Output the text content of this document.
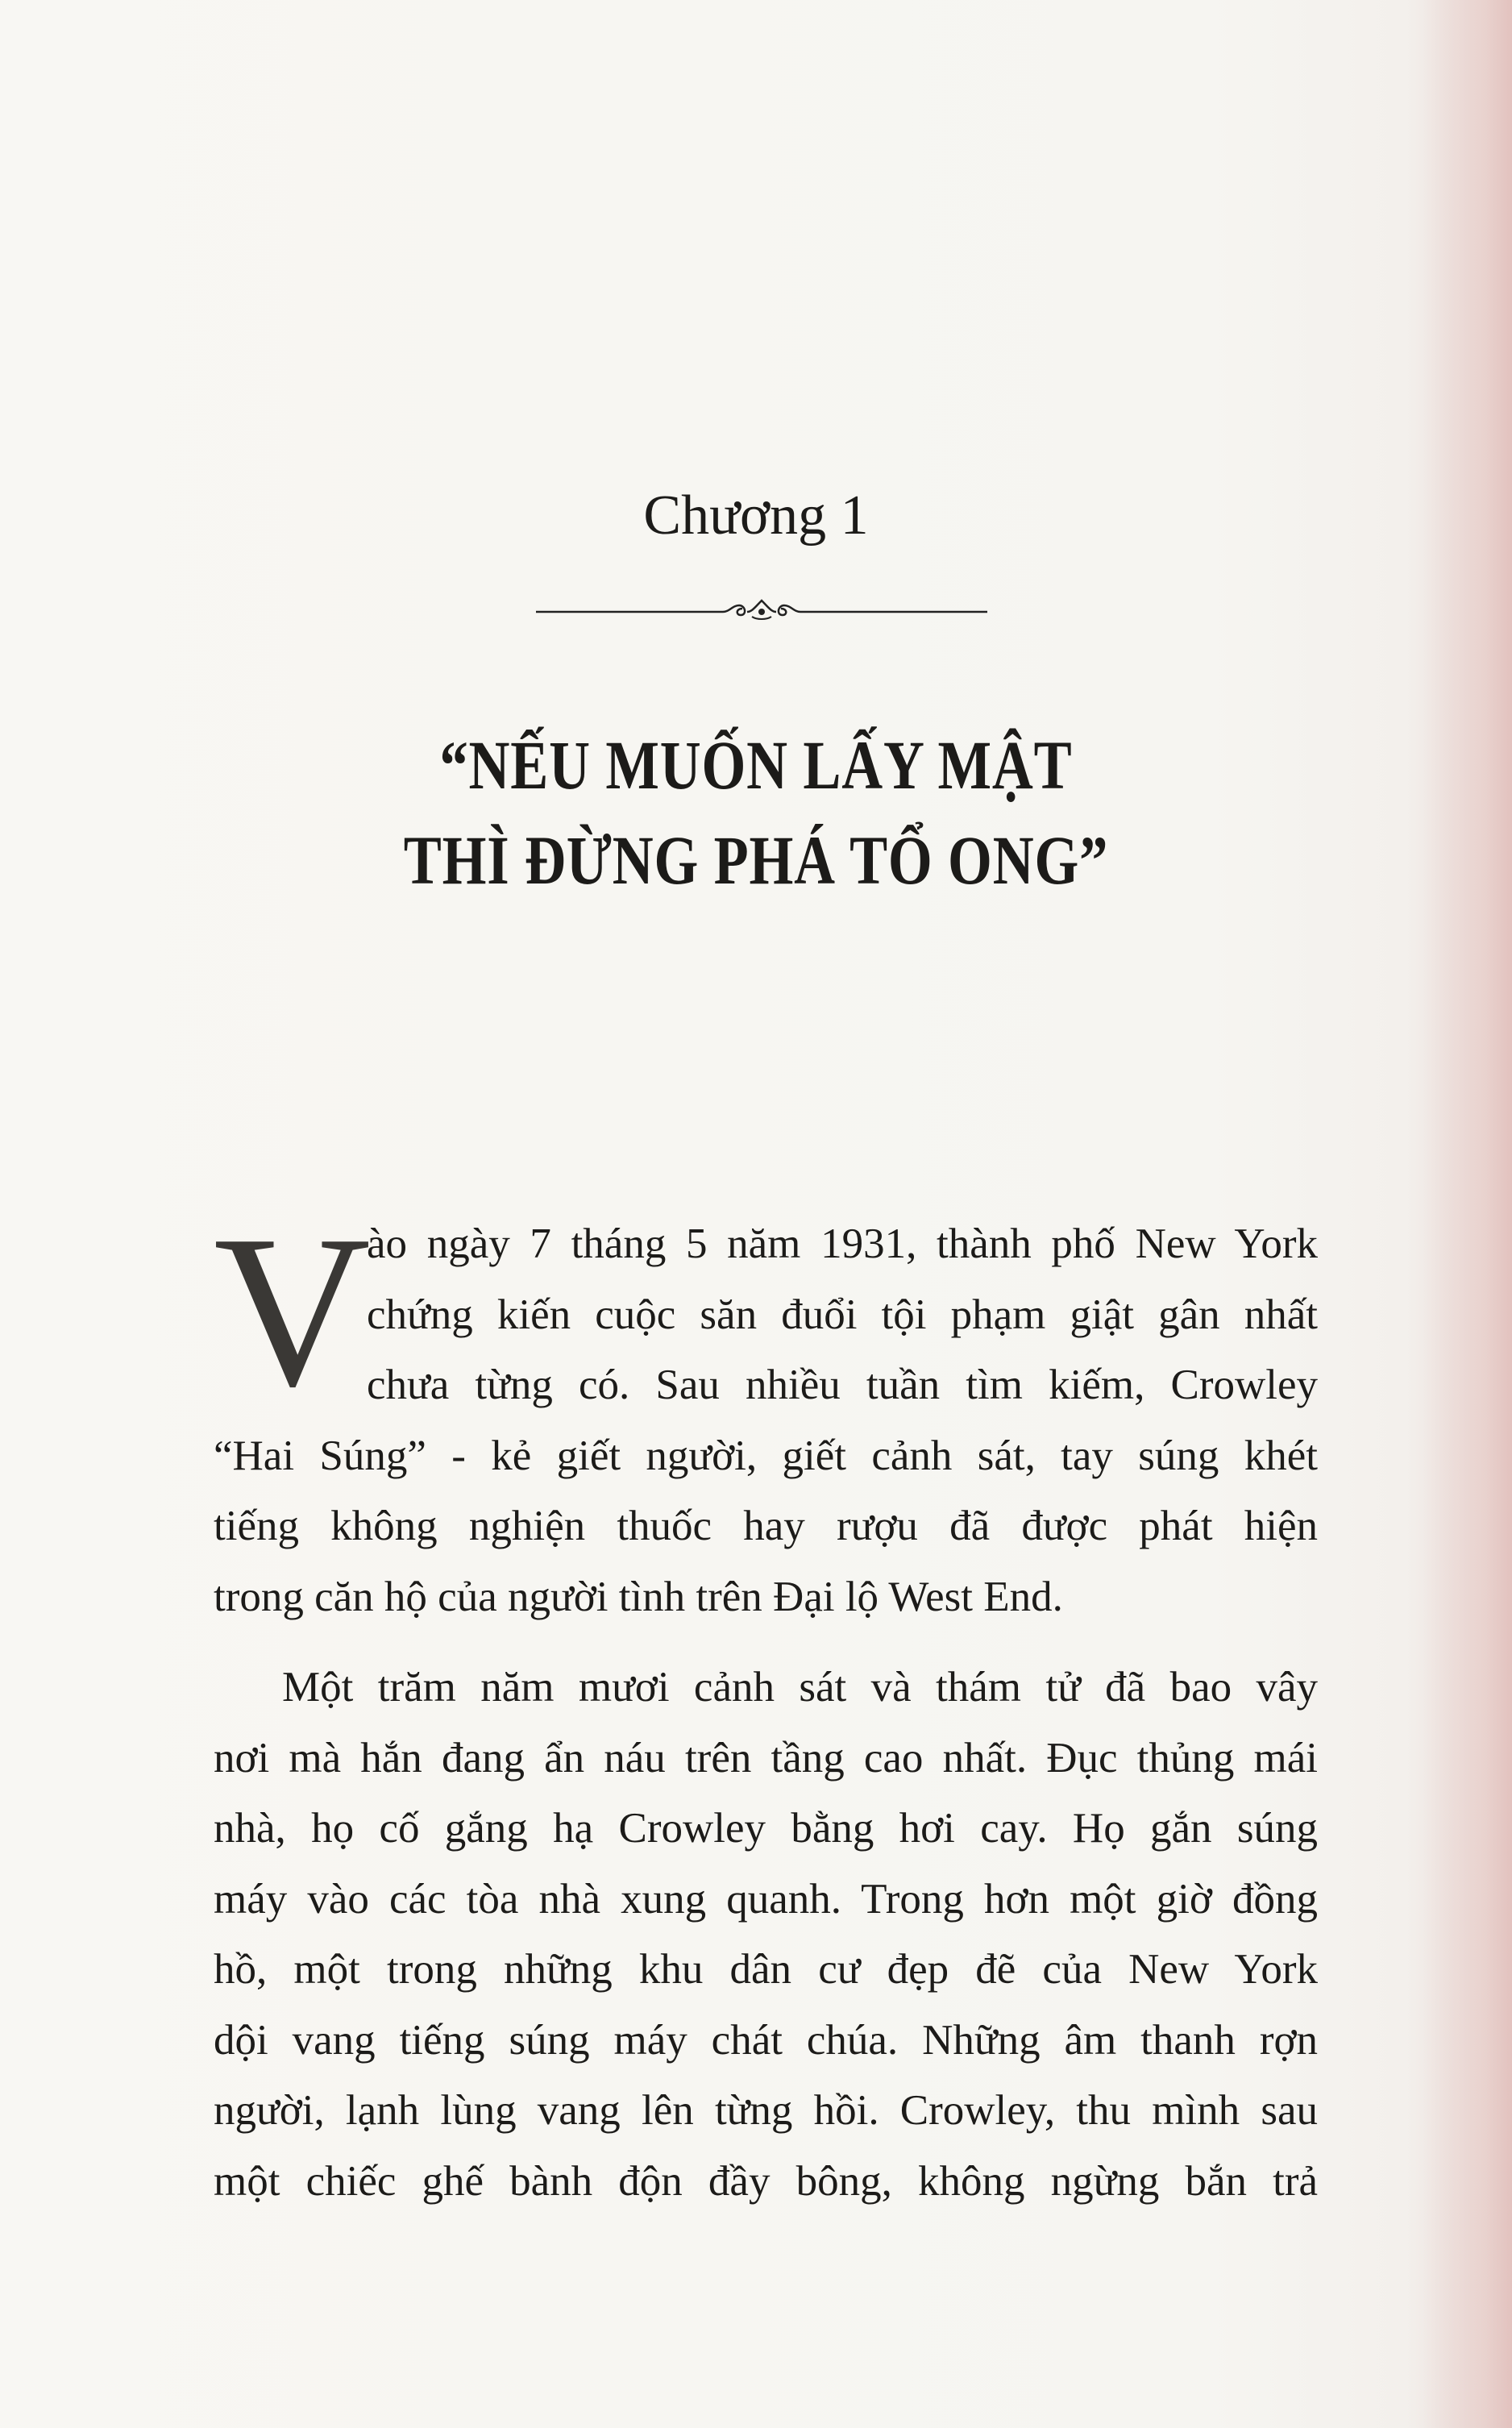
Chương 1
“NẾU MUỐN LẤY MẬT
THÌ ĐỪNG PHÁ TỔ ONG”
V
ào ngày 7 tháng 5 năm 1931, thành phố New York
chứng kiến cuộc săn đuổi tội phạm giật gân nhất
chưa từng có. Sau nhiều tuần tìm kiếm, Crowley
“Hai Súng” - kẻ giết người, giết cảnh sát, tay súng khét
tiếng không nghiện thuốc hay rượu đã được phát hiện
trong căn hộ của người tình trên Đại lộ West End.
Một trăm năm mươi cảnh sát và thám tử đã bao vây
nơi mà hắn đang ẩn náu trên tầng cao nhất. Đục thủng mái
nhà, họ cố gắng hạ Crowley bằng hơi cay. Họ gắn súng
máy vào các tòa nhà xung quanh. Trong hơn một giờ đồng
hồ, một trong những khu dân cư đẹp đẽ của New York
dội vang tiếng súng máy chát chúa. Những âm thanh rợn
người, lạnh lùng vang lên từng hồi. Crowley, thu mình sau
một chiếc ghế bành độn đầy bông, không ngừng bắn trả
